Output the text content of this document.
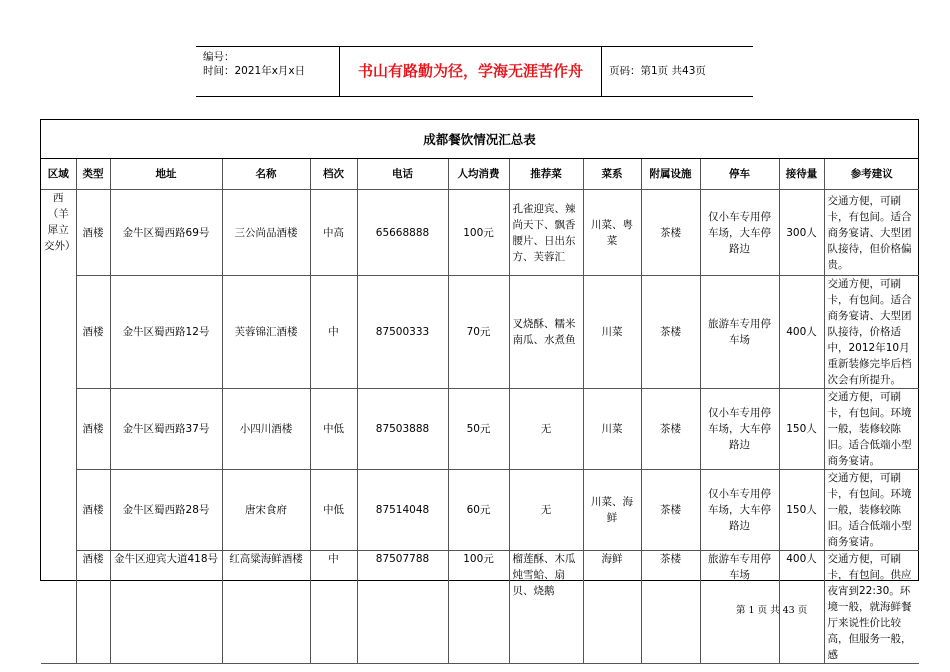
编号：
时间：2021年x月x日	书山有路勤为径，学海无涯苦作舟	页码：第1页 共43页
成都餐饮情况汇总表
区域	类型	地址	名称	档次	电话	人均消费	推荐菜	菜系	附属设施	停车	接待量	参考建议
西（羊犀立交外）	酒楼	金牛区蜀西路69号	三公尚品酒楼	中高	65668888	100元	孔雀迎宾、辣尚天下、飘香腰片、日出东方、芙蓉汇	川菜、粤菜	茶楼	仅小车专用停车场，大车停路边	300人	交通方便，可刷卡，有包间。适合商务宴请、大型团队接待，但价格偏贵。
	酒楼	金牛区蜀西路12号	芙蓉锦汇酒楼	中	87500333	70元	叉烧酥、糯米南瓜、水煮鱼	川菜	茶楼	旅游车专用停车场	400人	交通方便，可刷卡，有包间。适合商务宴请、大型团队接待，价格适中，2012年10月重新装修完毕后档次会有所提升。
	酒楼	金牛区蜀西路37号	小四川酒楼	中低	87503888	50元	无	川菜	茶楼	仅小车专用停车场，大车停路边	150人	交通方便，可刷卡，有包间。环境一般，装修较陈旧。适合低端小型商务宴请。
	酒楼	金牛区蜀西路28号	唐宋食府	中低	87514048	60元	无	川菜、海鲜	茶楼	仅小车专用停车场，大车停路边	150人	交通方便，可刷卡，有包间。环境一般，装修较陈旧。适合低端小型商务宴请。
	酒楼	金牛区迎宾大道418号	红高粱海鲜酒楼	中	87507788	100元	榴莲酥、木瓜炖雪蛤、扇贝、烧鹅	海鲜	茶楼	旅游车专用停车场	400人	交通方便，可刷卡，有包间。供应夜宵到22:30。环境一般，就海鲜餐厅来说性价比较高，但服务一般，感
第 1 页 共 43 页
